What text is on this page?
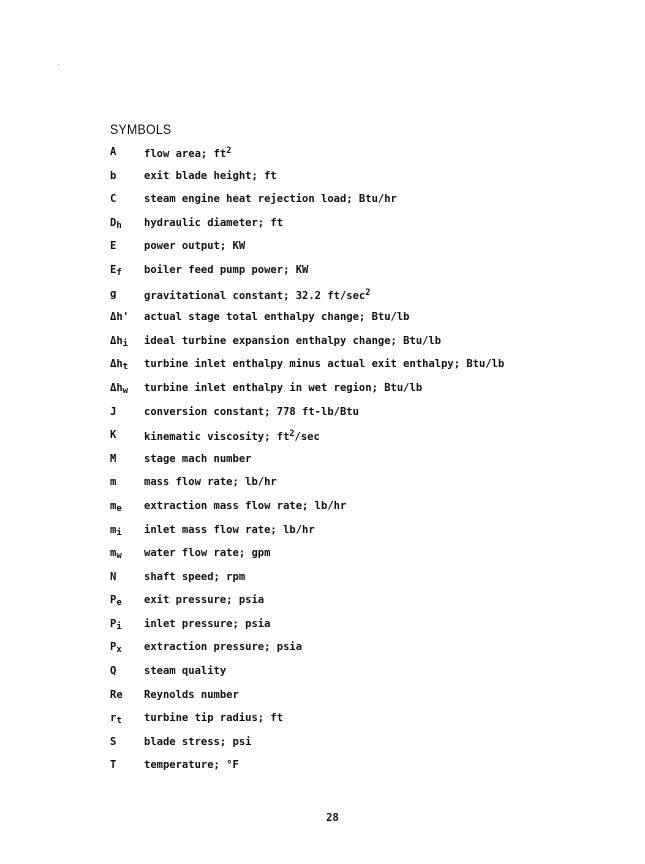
SYMBOLS
A	flow area; $ft^2$
b	exit blade height; ft
C	steam engine heat rejection load; Btu/hr
$D_h$	hydraulic diameter; ft
E	power output; KW
$E_f$	boiler feed pump power; KW
g	gravitational constant; 32.2 $ft/\sec^2$
Δh'	actual stage total enthalpy change; Btu/lb
$\Delta h_i$	ideal turbine expansion enthalpy change; Btu/lb
$\Delta h_t$	turbine inlet enthalpy minus actual exit enthalpy; Btu/lb
$\Delta h_w$	turbine inlet enthalpy in wet region; Btu/lb
J	conversion constant; 778 ft-lb/Btu
K	kinematic viscosity; $ft^2/\sec$
M	stage mach number
m	mass flow rate; lb/hr
$m_e$	extraction mass flow rate; lb/hr
$m_i$	inlet mass flow rate; lb/hr
$m_w$	water flow rate; gpm
N	shaft speed; rpm
$P_e$	exit pressure; psia
$P_i$	inlet pressure; psia
$P_x$	extraction pressure; psia
Q	steam quality
Re	Reynolds number
$r_t$	turbine tip radius; ft
S	blade stress; psi
T	temperature; °F
28
